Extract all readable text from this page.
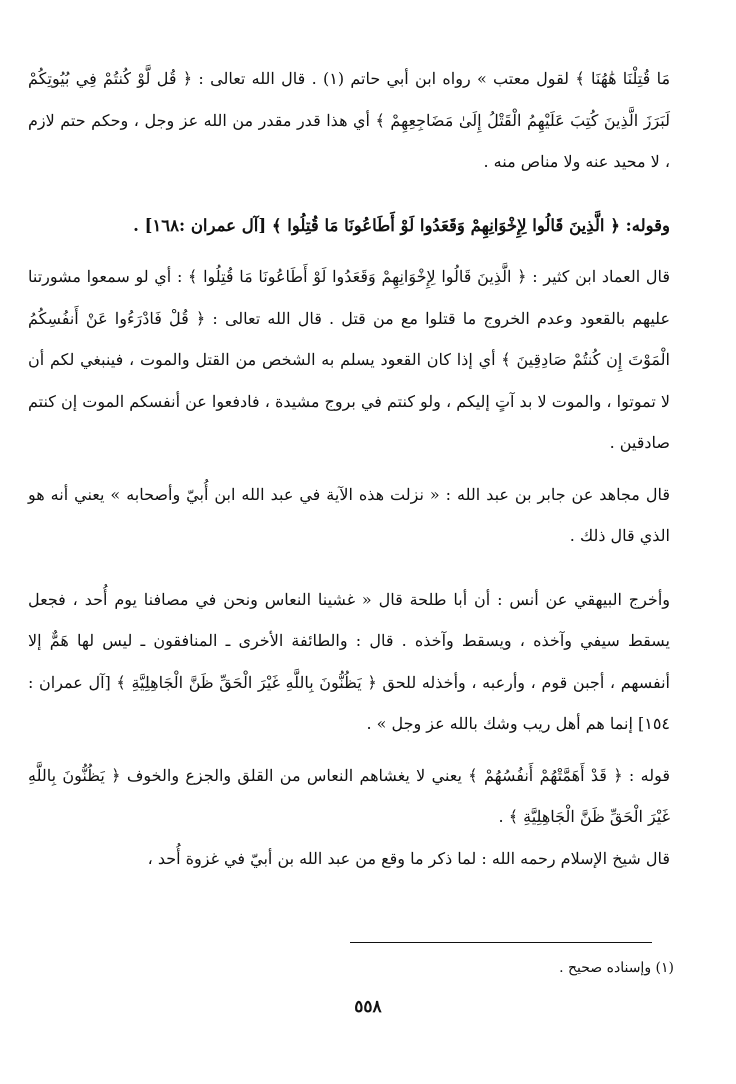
مَا قُتِلْنَا هَٰهُنَا ﴾ لقول معتب » رواه ابن أبي حاتم (١) . قال الله تعالى : ﴿ قُل لَّوْ كُنتُمْ فِي بُيُوتِكُمْ لَبَرَزَ الَّذِينَ كُتِبَ عَلَيْهِمُ الْقَتْلُ إِلَىٰ مَضَاجِعِهِمْ ﴾ أي هذا قدر مقدر من الله عز وجل ، وحكم حتم لازم ، لا محيد عنه ولا مناص منه .

وقوله: ﴿ الَّذِينَ قَالُوا لِإِخْوَانِهِمْ وَقَعَدُوا لَوْ أَطَاعُونَا مَا قُتِلُوا ﴾ [آل عمران :١٦٨] .

قال العماد ابن كثير : ﴿ الَّذِينَ قَالُوا لِإِخْوَانِهِمْ وَقَعَدُوا لَوْ أَطَاعُونَا مَا قُتِلُوا ﴾ : أي لو سمعوا مشورتنا عليهم بالقعود وعدم الخروج ما قتلوا مع من قتل . قال الله تعالى : ﴿ قُلْ فَادْرَءُوا عَنْ أَنفُسِكُمُ الْمَوْتَ إِن كُنتُمْ صَادِقِينَ ﴾ أي إذا كان القعود يسلم به الشخص من القتل والموت ، فينبغي لكم أن لا تموتوا ، والموت لا بد آتٍ إليكم ، ولو كنتم في بروج مشيدة ، فادفعوا عن أنفسكم الموت إن كنتم صادقين .

قال مجاهد عن جابر بن عبد الله : « نزلت هذه الآية في عبد الله ابن أُبيّ وأصحابه » يعني أنه هو الذي قال ذلك .

وأخرج البيهقي عن أنس : أن أبا طلحة قال « غشينا النعاس ونحن في مصافنا يوم أُحد ، فجعل يسقط سيفي وآخذه ، ويسقط وآخذه . قال : والطائفة الأخرى ـ المنافقون ـ ليس لها هَمٌّ إلا أنفسهم ، أجبن قوم ، وأرعبه ، وأخذله للحق ﴿ يَظُنُّونَ بِاللَّهِ غَيْرَ الْحَقِّ ظَنَّ الْجَاهِلِيَّةِ ﴾ [آل عمران : ١٥٤] إنما هم أهل ريب وشك بالله عز وجل » .

قوله : ﴿ قَدْ أَهَمَّتْهُمْ أَنفُسُهُمْ ﴾ يعني لا يغشاهم النعاس من القلق والجزع والخوف ﴿ يَظُنُّونَ بِاللَّهِ غَيْرَ الْحَقِّ ظَنَّ الْجَاهِلِيَّةِ ﴾ .

قال شيخ الإسلام رحمه الله : لما ذكر ما وقع من عبد الله بن أبيّ في غزوة أُحد ،

(١) وإسناده صحيح .
٥٥٨
